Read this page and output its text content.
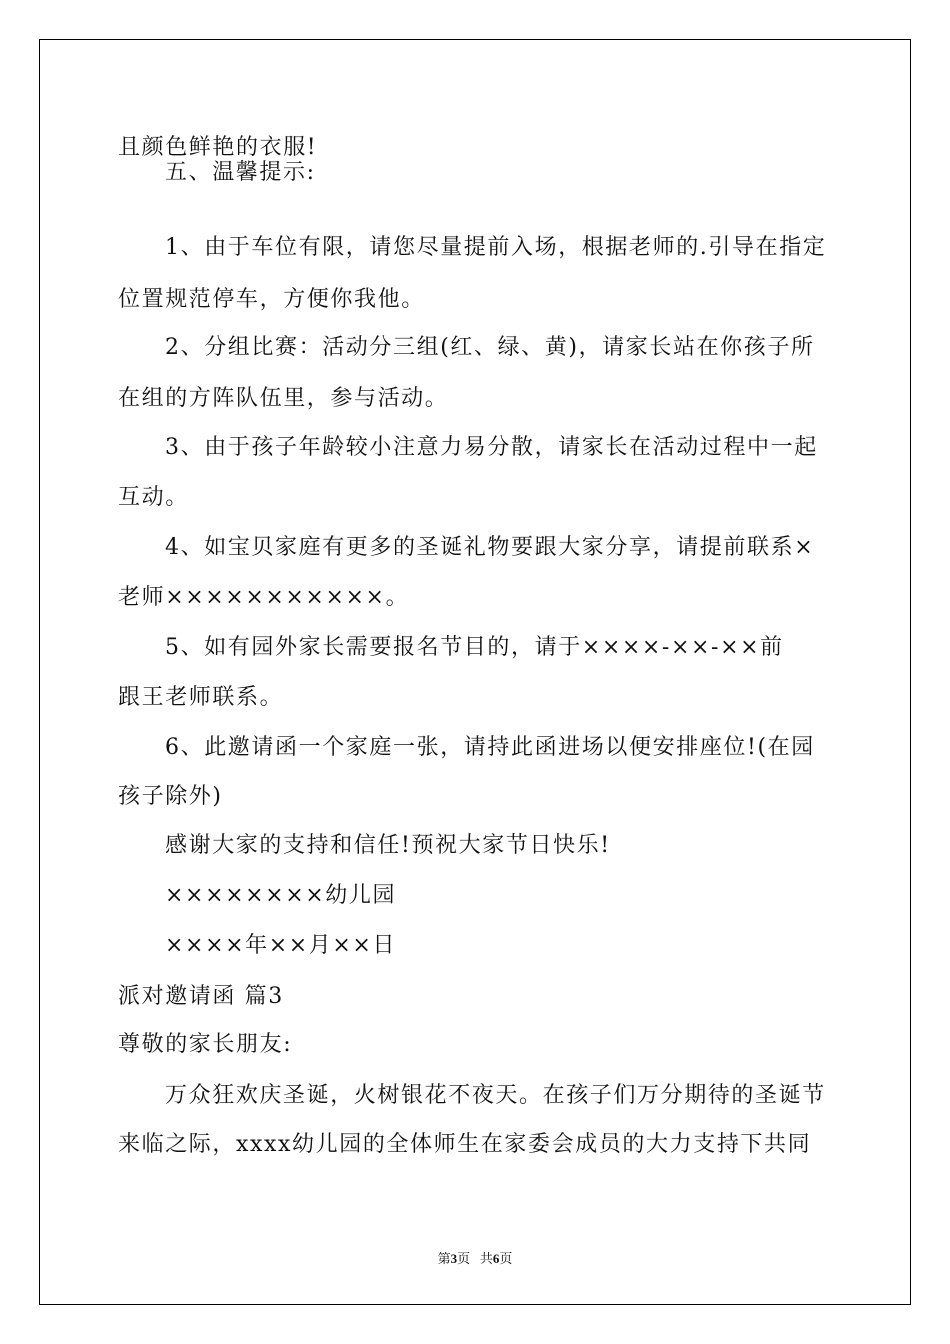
且颜色鲜艳的衣服!
五、温馨提示:
1、由于车位有限，请您尽量提前入场，根据老师的.引导在指定
位置规范停车，方便你我他。
2、分组比赛：活动分三组(红、绿、黄)，请家长站在你孩子所
在组的方阵队伍里，参与活动。
3、由于孩子年龄较小注意力易分散，请家长在活动过程中一起
互动。
4、如宝贝家庭有更多的圣诞礼物要跟大家分享，请提前联系×
老师×××××××××××。
5、如有园外家长需要报名节目的，请于××××-××-××前
跟王老师联系。
6、此邀请函一个家庭一张，请持此函进场以便安排座位!(在园
孩子除外)
感谢大家的支持和信任!预祝大家节日快乐!
××××××××幼儿园
××××年××月××日
派对邀请函 篇3
尊敬的家长朋友:
万众狂欢庆圣诞，火树银花不夜天。在孩子们万分期待的圣诞节
来临之际，xxxx幼儿园的全体师生在家委会成员的大力支持下共同
第3页 共6页
